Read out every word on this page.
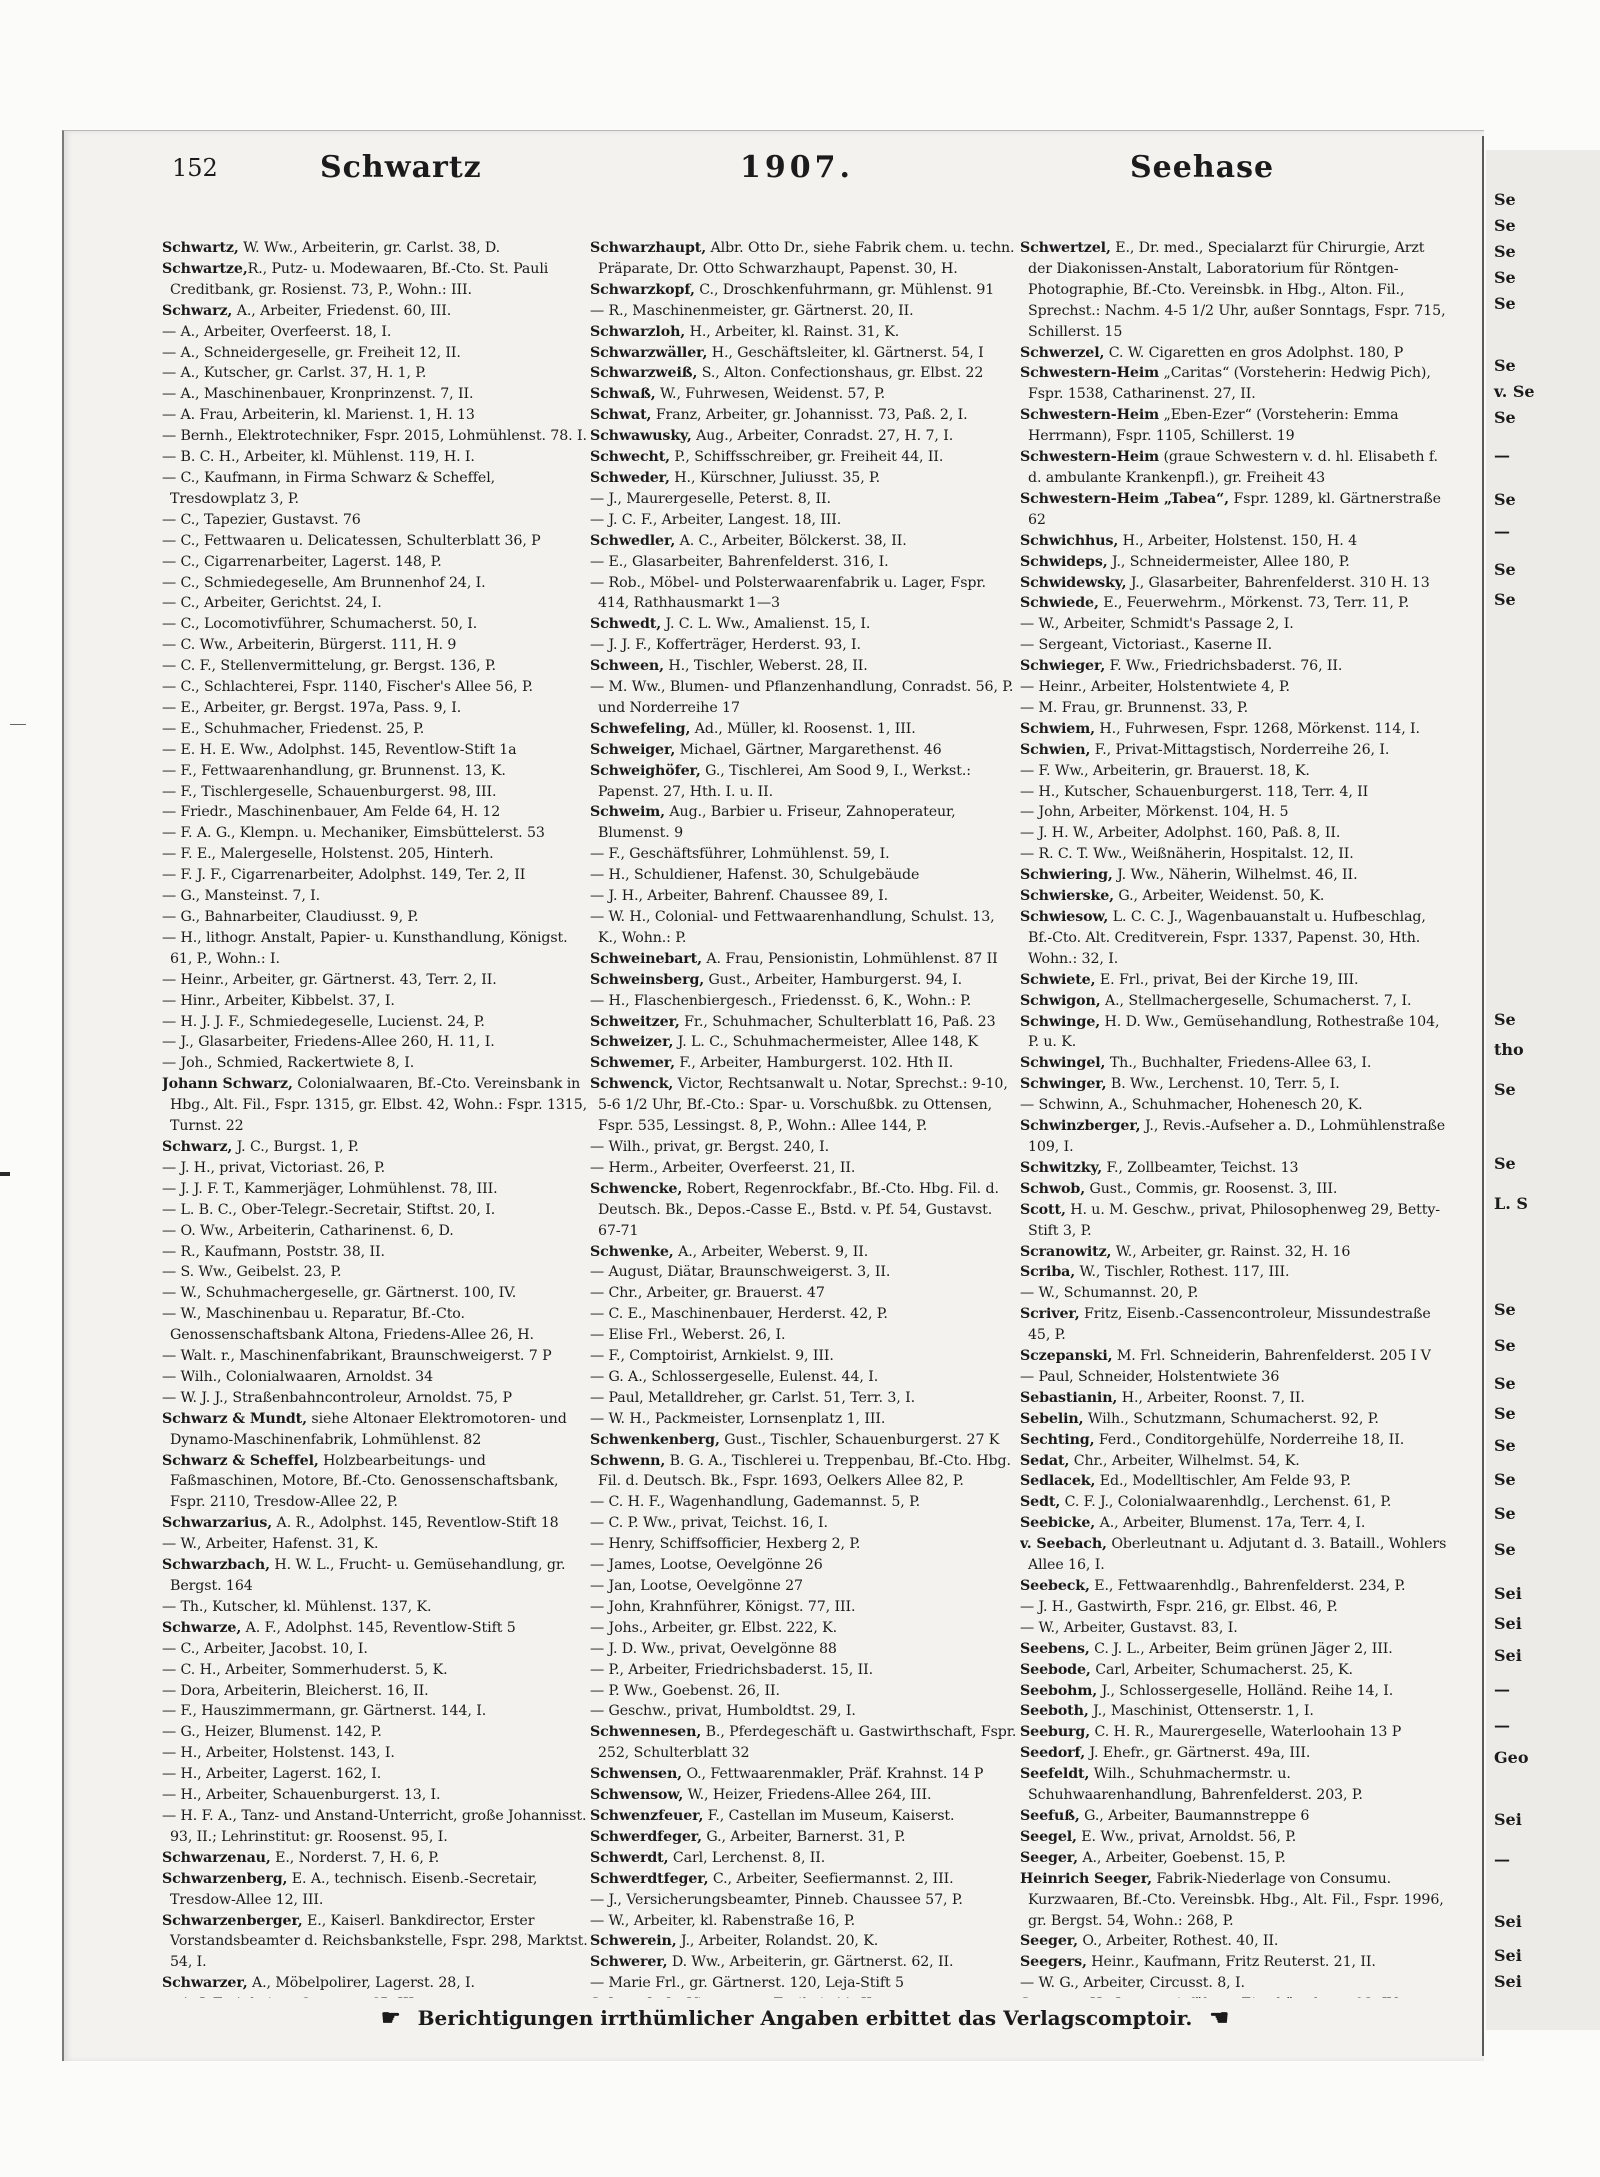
Se
Se
Se
Se
Se
Se
v. Se
Se
—
Se
—
Se
Se
Se
tho
Se
Se
L. S
Se
Se
Se
Se
Se
Se
Se
Se
Sei
Sei
Sei
—
—
Geo
Sei
—
Sei
Sei
Sei
152	Schwartz	1907.	Seehase

Schwartz, W. Ww., Arbeiterin, gr. Carlst. 38, D.

Schwartze,R., Putz- u. Modewaaren, Bf.-Cto. St. Pauli Creditbank, gr. Rosienst. 73, P., Wohn.: III.

Schwarz, A., Arbeiter, Friedenst. 60, III.

— A., Arbeiter, Overfeerst. 18, I.

— A., Schneidergeselle, gr. Freiheit 12, II.

— A., Kutscher, gr. Carlst. 37, H. 1, P.

— A., Maschinenbauer, Kronprinzenst. 7, II.

— A. Frau, Arbeiterin, kl. Marienst. 1, H. 13

— Bernh., Elektrotechniker, Fspr. 2015, Lohmühlenst. 78. I.

— B. C. H., Arbeiter, kl. Mühlenst. 119, H. I.

— C., Kaufmann, in Firma Schwarz & Scheffel, Tresdowplatz 3, P.

— C., Tapezier, Gustavst. 76

— C., Fettwaaren u. Delicatessen, Schulterblatt 36, P

— C., Cigarrenarbeiter, Lagerst. 148, P.

— C., Schmiedegeselle, Am Brunnenhof 24, I.

— C., Arbeiter, Gerichtst. 24, I.

— C., Locomotivführer, Schumacherst. 50, I.

— C. Ww., Arbeiterin, Bürgerst. 111, H. 9

— C. F., Stellenvermittelung, gr. Bergst. 136, P.

— C., Schlachterei, Fspr. 1140, Fischer's Allee 56, P.

— E., Arbeiter, gr. Bergst. 197a, Pass. 9, I.

— E., Schuhmacher, Friedenst. 25, P.

— E. H. E. Ww., Adolphst. 145, Reventlow-Stift 1a

— F., Fettwaarenhandlung, gr. Brunnenst. 13, K.

— F., Tischlergeselle, Schauenburgerst. 98, III.

— Friedr., Maschinenbauer, Am Felde 64, H. 12

— F. A. G., Klempn. u. Mechaniker, Eimsbüttelerst. 53

— F. E., Malergeselle, Holstenst. 205, Hinterh.

— F. J. F., Cigarrenarbeiter, Adolphst. 149, Ter. 2, II

— G., Mansteinst. 7, I.

— G., Bahnarbeiter, Claudiusst. 9, P.

— H., lithogr. Anstalt, Papier- u. Kunsthandlung, Königst. 61, P., Wohn.: I.

— Heinr., Arbeiter, gr. Gärtnerst. 43, Terr. 2, II.

— Hinr., Arbeiter, Kibbelst. 37, I.

— H. J. J. F., Schmiedegeselle, Lucienst. 24, P.

— J., Glasarbeiter, Friedens-Allee 260, H. 11, I.

— Joh., Schmied, Rackertwiete 8, I.

Johann Schwarz, Colonialwaaren, Bf.-Cto. Vereinsbank in Hbg., Alt. Fil., Fspr. 1315, gr. Elbst. 42, Wohn.: Fspr. 1315, Turnst. 22

Schwarz, J. C., Burgst. 1, P.

— J. H., privat, Victoriast. 26, P.

— J. J. F. T., Kammerjäger, Lohmühlenst. 78, III.

— L. B. C., Ober-Telegr.-Secretair, Stiftst. 20, I.

— O. Ww., Arbeiterin, Catharinenst. 6, D.

— R., Kaufmann, Poststr. 38, II.

— S. Ww., Geibelst. 23, P.

— W., Schuhmachergeselle, gr. Gärtnerst. 100, IV.

— W., Maschinenbau u. Reparatur, Bf.-Cto. Genossenschaftsbank Altona, Friedens-Allee 26, H.

— Walt. r., Maschinenfabrikant, Braunschweigerst. 7 P

— Wilh., Colonialwaaren, Arnoldst. 34

— W. J. J., Straßenbahncontroleur, Arnoldst. 75, P

Schwarz & Mundt, siehe Altonaer Elektromotoren- und Dynamo-Maschinenfabrik, Lohmühlenst. 82

Schwarz & Scheffel, Holzbearbeitungs- und Faßmaschinen, Motore, Bf.-Cto. Genossenschaftsbank, Fspr. 2110, Tresdow-Allee 22, P.

Schwarzarius, A. R., Adolphst. 145, Reventlow-Stift 18

— W., Arbeiter, Hafenst. 31, K.

Schwarzbach, H. W. L., Frucht- u. Gemüsehandlung, gr. Bergst. 164

— Th., Kutscher, kl. Mühlenst. 137, K.

Schwarze, A. F., Adolphst. 145, Reventlow-Stift 5

— C., Arbeiter, Jacobst. 10, I.

— C. H., Arbeiter, Sommerhuderst. 5, K.

— Dora, Arbeiterin, Bleicherst. 16, II.

— F., Hauszimmermann, gr. Gärtnerst. 144, I.

— G., Heizer, Blumenst. 142, P.

— H., Arbeiter, Holstenst. 143, I.

— H., Arbeiter, Lagerst. 162, I.

— H., Arbeiter, Schauenburgerst. 13, I.

— H. F. A., Tanz- und Anstand-Unterricht, große Johannisst. 93, II.; Lehrinstitut: gr. Roosenst. 95, I.

Schwarzenau, E., Norderst. 7, H. 6, P.

Schwarzenberg, E. A., technisch. Eisenb.-Secretair, Tresdow-Allee 12, III.

Schwarzenberger, E., Kaiserl. Bankdirector, Erster Vorstandsbeamter d. Reichsbankstelle, Fspr. 298, Marktst. 54, I.

Schwarzer, A., Möbelpolirer, Lagerst. 28, I.

Schwarzhaupt, Albr. Otto Dr., siehe Fabrik chem. u. techn. Präparate, Dr. Otto Schwarzhaupt, Papenst. 30, H.

Schwarzkopf, C., Droschkenfuhrmann, gr. Mühlenst. 91

— R., Maschinenmeister, gr. Gärtnerst. 20, II.

Schwarzloh, H., Arbeiter, kl. Rainst. 31, K.

Schwarzwäller, H., Geschäftsleiter, kl. Gärtnerst. 54, I

Schwarzweiß, S., Alton. Confectionshaus, gr. Elbst. 22

Schwaß, W., Fuhrwesen, Weidenst. 57, P.

Schwat, Franz, Arbeiter, gr. Johannisst. 73, Paß. 2, I.

Schwawusky, Aug., Arbeiter, Conradst. 27, H. 7, I.

Schwecht, P., Schiffsschreiber, gr. Freiheit 44, II.

Schweder, H., Kürschner, Juliusst. 35, P.

— J., Maurergeselle, Peterst. 8, II.

— J. C. F., Arbeiter, Langest. 18, III.

Schwedler, A. C., Arbeiter, Bölckerst. 38, II.

— E., Glasarbeiter, Bahrenfelderst. 316, I.

— Rob., Möbel- und Polsterwaarenfabrik u. Lager, Fspr. 414, Rathhausmarkt 1—3

Schwedt, J. C. L. Ww., Amalienst. 15, I.

— J. J. F., Kofferträger, Herderst. 93, I.

Schween, H., Tischler, Weberst. 28, II.

— M. Ww., Blumen- und Pflanzenhandlung, Conradst. 56, P. und Norderreihe 17

Schwefeling, Ad., Müller, kl. Roosenst. 1, III.

Schweiger, Michael, Gärtner, Margarethenst. 46

Schweighöfer, G., Tischlerei, Am Sood 9, I., Werkst.: Papenst. 27, Hth. I. u. II.

Schweim, Aug., Barbier u. Friseur, Zahnoperateur, Blumenst. 9

— F., Geschäftsführer, Lohmühlenst. 59, I.

— H., Schuldiener, Hafenst. 30, Schulgebäude

— J. H., Arbeiter, Bahrenf. Chaussee 89, I.

— W. H., Colonial- und Fettwaarenhandlung, Schulst. 13, K., Wohn.: P.

Schweinebart, A. Frau, Pensionistin, Lohmühlenst. 87 II

Schweinsberg, Gust., Arbeiter, Hamburgerst. 94, I.

— H., Flaschenbiergesch., Friedensst. 6, K., Wohn.: P.

Schweitzer, Fr., Schuhmacher, Schulterblatt 16, Paß. 23

Schweizer, J. L. C., Schuhmachermeister, Allee 148, K

Schwemer, F., Arbeiter, Hamburgerst. 102. Hth II.

Schwenck, Victor, Rechtsanwalt u. Notar, Sprechst.: 9-10, 5-6 1/2 Uhr, Bf.-Cto.: Spar- u. Vorschußbk. zu Ottensen, Fspr. 535, Lessingst. 8, P., Wohn.: Allee 144, P.

— Wilh., privat, gr. Bergst. 240, I.

— Herm., Arbeiter, Overfeerst. 21, II.

Schwencke, Robert, Regenrockfabr., Bf.-Cto. Hbg. Fil. d. Deutsch. Bk., Depos.-Casse E., Bstd. v. Pf. 54, Gustavst. 67-71

Schwenke, A., Arbeiter, Weberst. 9, II.

— August, Diätar, Braunschweigerst. 3, II.

— Chr., Arbeiter, gr. Brauerst. 47

— C. E., Maschinenbauer, Herderst. 42, P.

— Elise Frl., Weberst. 26, I.

— F., Comptoirist, Arnkielst. 9, III.

— G. A., Schlossergeselle, Eulenst. 44, I.

— Paul, Metalldreher, gr. Carlst. 51, Terr. 3, I.

— W. H., Packmeister, Lornsenplatz 1, III.

Schwenkenberg, Gust., Tischler, Schauenburgerst. 27 K

Schwenn, B. G. A., Tischlerei u. Treppenbau, Bf.-Cto. Hbg. Fil. d. Deutsch. Bk., Fspr. 1693, Oelkers Allee 82, P.

— C. H. F., Wagenhandlung, Gademannst. 5, P.

— C. P. Ww., privat, Teichst. 16, I.

— Henry, Schiffsofficier, Hexberg 2, P.

— James, Lootse, Oevelgönne 26

— Jan, Lootse, Oevelgönne 27

— John, Krahnführer, Königst. 77, III.

— Johs., Arbeiter, gr. Elbst. 222, K.

— J. D. Ww., privat, Oevelgönne 88

— P., Arbeiter, Friedrichsbaderst. 15, II.

— P. Ww., Goebenst. 26, II.

— Geschw., privat, Humboldtst. 29, I.

Schwennesen, B., Pferdegeschäft u. Gastwirthschaft, Fspr. 252, Schulterblatt 32

Schwensen, O., Fettwaarenmakler, Präf. Krahnst. 14 P

Schwensow, W., Heizer, Friedens-Allee 264, III.

Schwenzfeuer, F., Castellan im Museum, Kaiserst.

Schwerdfeger, G., Arbeiter, Barnerst. 31, P.

Schwerdt, Carl, Lerchenst. 8, II.

Schwerdtfeger, C., Arbeiter, Seefiermannst. 2, III.

— J., Versicherungsbeamter, Pinneb. Chaussee 57, P.

— W., Arbeiter, kl. Rabenstraße 16, P.

Schwerein, J., Arbeiter, Rolandst. 20, K.

Schwerer, D. Ww., Arbeiterin, gr. Gärtnerst. 62, II.

— Marie Frl., gr. Gärtnerst. 120, Leja-Stift 5

Schwertzel, E., Dr. med., Specialarzt für Chirurgie, Arzt der Diakonissen-Anstalt, Laboratorium für Röntgen-Photographie, Bf.-Cto. Vereinsbk. in Hbg., Alton. Fil., Sprechst.: Nachm. 4-5 1/2 Uhr, außer Sonntags, Fspr. 715, Schillerst. 15

Schwerzel, C. W. Cigaretten en gros Adolphst. 180, P

Schwestern-Heim „Caritas“ (Vorsteherin: Hedwig Pich), Fspr. 1538, Catharinenst. 27, II.

Schwestern-Heim „Eben-Ezer“ (Vorsteherin: Emma Herrmann), Fspr. 1105, Schillerst. 19

Schwestern-Heim (graue Schwestern v. d. hl. Elisabeth f. d. ambulante Krankenpfl.), gr. Freiheit 43

Schwestern-Heim „Tabea“, Fspr. 1289, kl. Gärtnerstraße 62

Schwichhus, H., Arbeiter, Holstenst. 150, H. 4

Schwideps, J., Schneidermeister, Allee 180, P.

Schwidewsky, J., Glasarbeiter, Bahrenfelderst. 310 H. 13

Schwiede, E., Feuerwehrm., Mörkenst. 73, Terr. 11, P.

— W., Arbeiter, Schmidt's Passage 2, I.

— Sergeant, Victoriast., Kaserne II.

Schwieger, F. Ww., Friedrichsbaderst. 76, II.

— Heinr., Arbeiter, Holstentwiete 4, P.

— M. Frau, gr. Brunnenst. 33, P.

Schwiem, H., Fuhrwesen, Fspr. 1268, Mörkenst. 114, I.

Schwien, F., Privat-Mittagstisch, Norderreihe 26, I.

— F. Ww., Arbeiterin, gr. Brauerst. 18, K.

— H., Kutscher, Schauenburgerst. 118, Terr. 4, II

— John, Arbeiter, Mörkenst. 104, H. 5

— J. H. W., Arbeiter, Adolphst. 160, Paß. 8, II.

— R. C. T. Ww., Weißnäherin, Hospitalst. 12, II.

Schwiering, J. Ww., Näherin, Wilhelmst. 46, II.

Schwierske, G., Arbeiter, Weidenst. 50, K.

Schwiesow, L. C. C. J., Wagenbauanstalt u. Hufbeschlag, Bf.-Cto. Alt. Creditverein, Fspr. 1337, Papenst. 30, Hth. Wohn.: 32, I.

Schwiete, E. Frl., privat, Bei der Kirche 19, III.

Schwigon, A., Stellmachergeselle, Schumacherst. 7, I.

Schwinge, H. D. Ww., Gemüsehandlung, Rothestraße 104, P. u. K.

Schwingel, Th., Buchhalter, Friedens-Allee 63, I.

Schwinger, B. Ww., Lerchenst. 10, Terr. 5, I.

— Schwinn, A., Schuhmacher, Hohenesch 20, K.

Schwinzberger, J., Revis.-Aufseher a. D., Lohmühlenstraße 109, I.

Schwitzky, F., Zollbeamter, Teichst. 13

Schwob, Gust., Commis, gr. Roosenst. 3, III.

Scott, H. u. M. Geschw., privat, Philosophenweg 29, Betty-Stift 3, P.

Scranowitz, W., Arbeiter, gr. Rainst. 32, H. 16

Scriba, W., Tischler, Rothest. 117, III.

— W., Schumannst. 20, P.

Scriver, Fritz, Eisenb.-Cassencontroleur, Missundestraße 45, P.

Sczepanski, M. Frl. Schneiderin, Bahrenfelderst. 205 I V

— Paul, Schneider, Holstentwiete 36

Sebastianin, H., Arbeiter, Roonst. 7, II.

Sebelin, Wilh., Schutzmann, Schumacherst. 92, P.

Sechting, Ferd., Conditorgehülfe, Norderreihe 18, II.

Sedat, Chr., Arbeiter, Wilhelmst. 54, K.

Sedlacek, Ed., Modelltischler, Am Felde 93, P.

Sedt, C. F. J., Colonialwaarenhdlg., Lerchenst. 61, P.

Seebicke, A., Arbeiter, Blumenst. 17a, Terr. 4, I.

v. Seebach, Oberleutnant u. Adjutant d. 3. Bataill., Wohlers Allee 16, I.

Seebeck, E., Fettwaarenhdlg., Bahrenfelderst. 234, P.

— J. H., Gastwirth, Fspr. 216, gr. Elbst. 46, P.

— W., Arbeiter, Gustavst. 83, I.

Seebens, C. J. L., Arbeiter, Beim grünen Jäger 2, III.

Seebode, Carl, Arbeiter, Schumacherst. 25, K.

Seebohm, J., Schlossergeselle, Holländ. Reihe 14, I.

Seeboth, J., Maschinist, Ottenserstr. 1, I.

Seeburg, C. H. R., Maurergeselle, Waterloohain 13 P

Seedorf, J. Ehefr., gr. Gärtnerst. 49a, III.

Seefeldt, Wilh., Schuhmachermstr. u. Schuhwaarenhandlung, Bahrenfelderst. 203, P.

Seefuß, G., Arbeiter, Baumannstreppe 6

Seegel, E. Ww., privat, Arnoldst. 56, P.

Seeger, A., Arbeiter, Goebenst. 15, P.

Heinrich Seeger, Fabrik-Niederlage von Consumu. Kurzwaaren, Bf.-Cto. Vereinsbk. Hbg., Alt. Fil., Fspr. 1996, gr. Bergst. 54, Wohn.: 268, P.

Seeger, O., Arbeiter, Rothest. 40, II.

Seegers, Heinr., Kaufmann, Fritz Reuterst. 21, II.

— W. G., Arbeiter, Circusst. 8, I.

☛ Berichtigungen irrthümlicher Angaben erbittet das Verlagscomptoir. ☚
